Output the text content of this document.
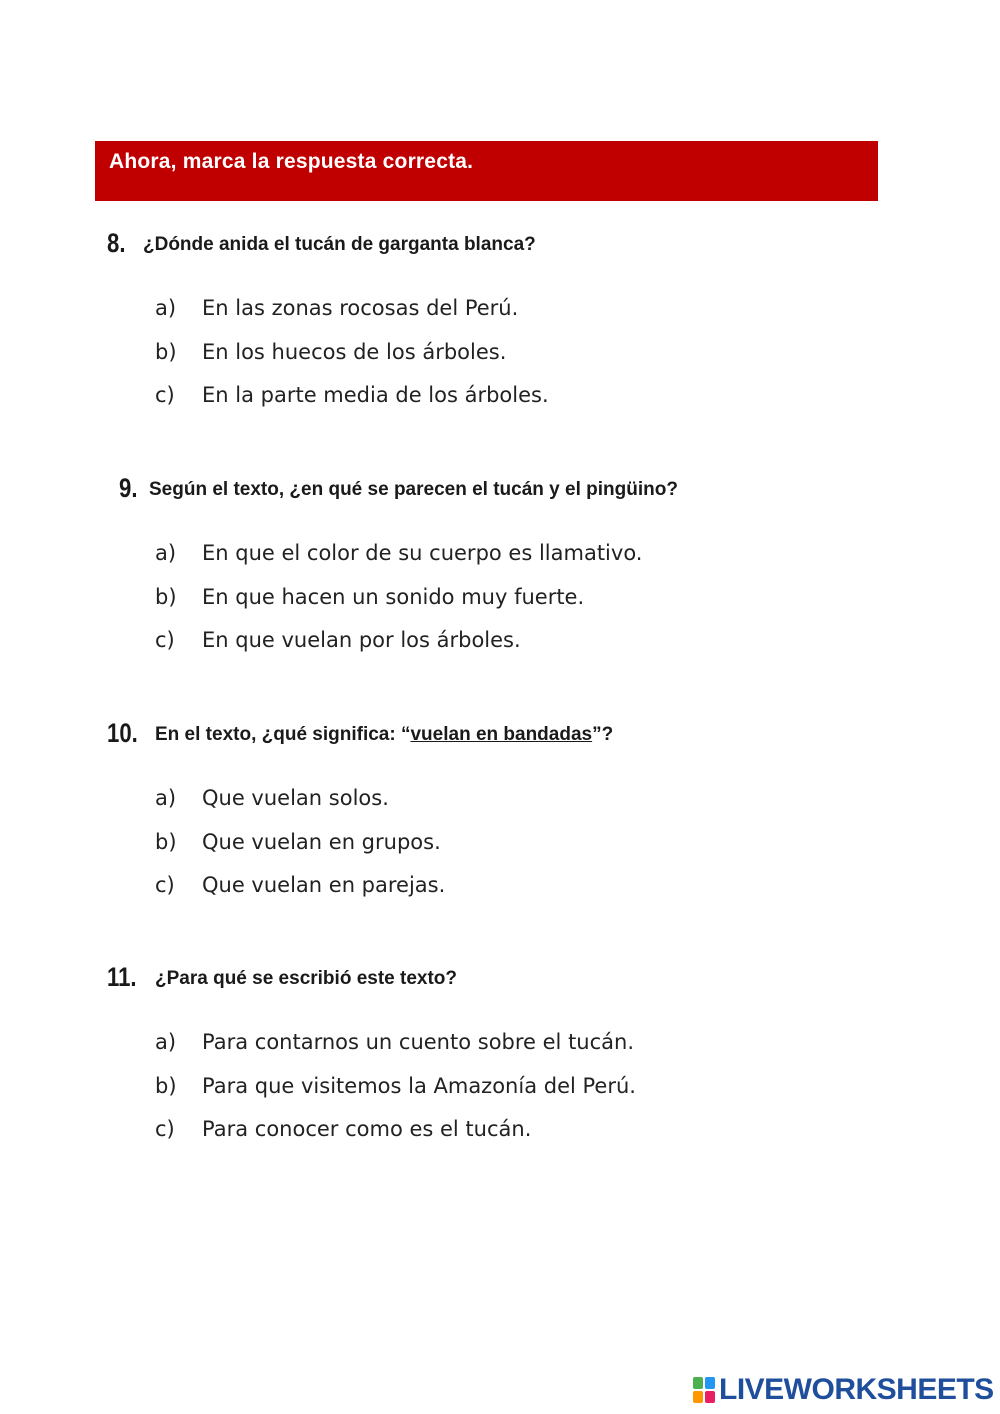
Ahora, marca la respuesta correcta.
8. ¿Dónde anida el tucán de garganta blanca?
a) En las zonas rocosas del Perú.
b) En los huecos de los árboles.
c) En la parte media de los árboles.
9. Según el texto, ¿en qué se parecen el tucán y el pingüino?
a) En que el color de su cuerpo es llamativo.
b) En que hacen un sonido muy fuerte.
c) En que vuelan por los árboles.
10. En el texto, ¿qué significa: “vuelan en bandadas”?
a) Que vuelan solos.
b) Que vuelan en grupos.
c) Que vuelan en parejas.
11. ¿Para qué se escribió este texto?
a) Para contarnos un cuento sobre el tucán.
b) Para que visitemos la Amazonía del Perú.
c) Para conocer como es el tucán.
LIVEWORKSHEETS
